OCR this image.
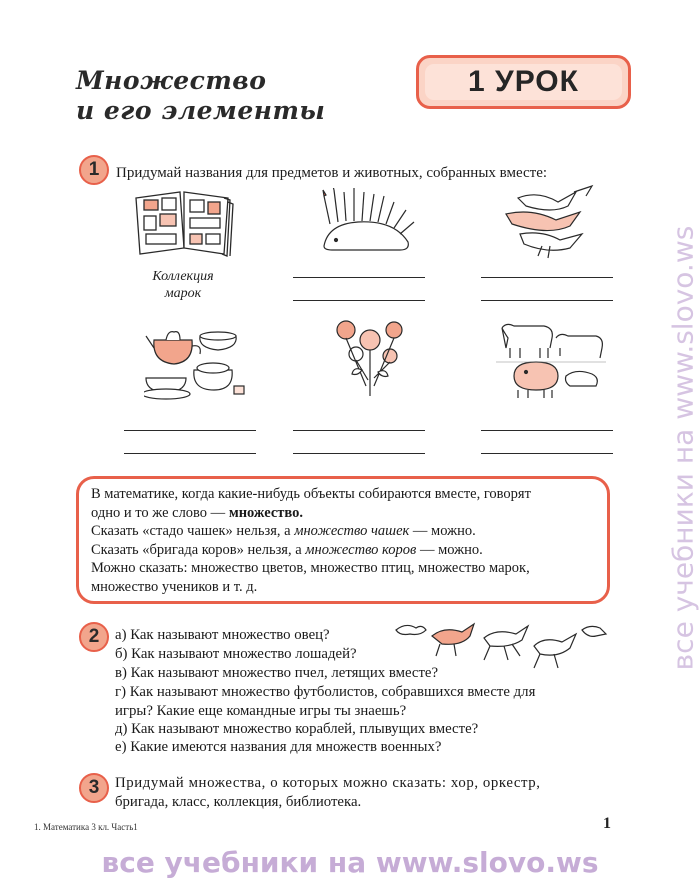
Множество
и его элементы
1 УРОК
1	Придумай названия для предметов и животных, собранных вместе:
Коллекция
марок

В математике, когда какие-нибудь объекты собираются вместе, говорят

одно и то же слово — множество.

Сказать «стадо чашек» нельзя, а множество чашек — можно.

Сказать «бригада коров» нельзя, а множество коров — можно.

Можно сказать: множество цветов, множество птиц, множество марок,

множество учеников и т. д.

2	а) Как называют множество овец?
б) Как называют множество лошадей?
в) Как называют множество пчел, летящих вместе?
г) Как называют множество футболистов, собравшихся вместе для
игры? Какие еще командные игры ты знаешь?
д) Как называют множество кораблей, плывущих вместе?
е) Какие имеются названия для множеств военных?
3	Придумай множества, о которых можно сказать: хор, оркестр,
бригада, класс, коллекция, библиотека.
1. Математика 3 кл. Часть1	1
все учебники на www.slovo.ws
все учебники на www.slovo.ws
